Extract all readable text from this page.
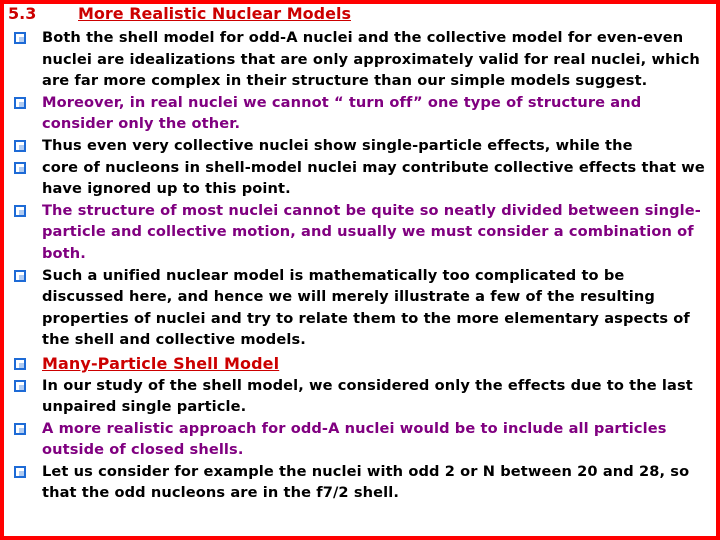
5.3	More Realistic Nuclear Models
Both the shell model for odd-A nuclei and the collective model for even-even nuclei are idealizations that are only approximately valid for real nuclei, which are far more complex in their structure than our simple models suggest.
Moreover, in real nuclei we cannot “ turn off” one type of structure and consider only the other.
Thus even very collective nuclei show single-particle effects, while the
core of nucleons in shell-model nuclei may contribute collective effects that we have ignored up to this point.
The structure of most nuclei cannot be quite so neatly divided between single-particle and collective motion, and usually we must consider a combination of both.
Such a unified nuclear model is mathematically too complicated to be discussed here, and hence we will merely illustrate a few of the resulting properties of nuclei and try to relate them to the more elementary aspects of the shell and collective models.
Many-Particle Shell Model
In our study of the shell model, we considered only the effects due to the last unpaired single particle.
A more realistic approach for odd-A nuclei would be to include all particles outside of closed shells.
Let us consider for example the nuclei with odd 2 or N between 20 and 28, so that the odd nucleons are in the f7/2 shell.
